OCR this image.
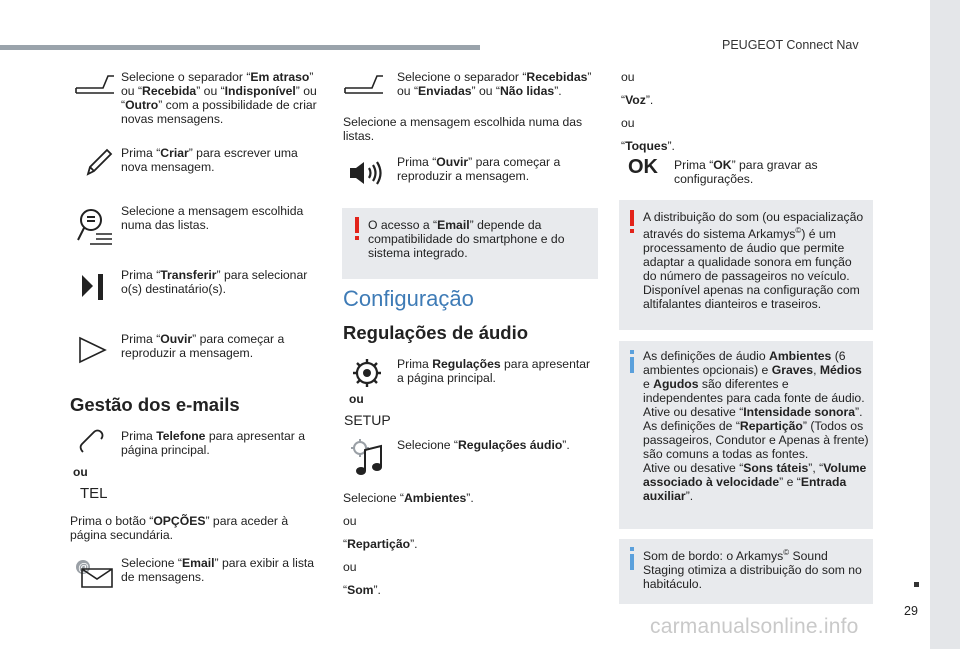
PEUGEOT Connect Nav
29
carmanualsonline.info
Selecione o separador “Em atraso” ou “Recebida” ou “Indisponível” ou “Outro” com a possibilidade de criar novas mensagens.
Prima “Criar” para escrever uma nova mensagem.
Selecione a mensagem escolhida numa das listas.
Prima “Transferir” para selecionar o(s) destinatário(s).
Prima “Ouvir” para começar a reproduzir a mensagem.
Gestão dos e-mails
ou
TEL
Prima Telefone para apresentar a página principal.
Prima o botão “OPÇÕES” para aceder à página secundária.
@	Selecione “Email” para exibir a lista de mensagens.
Selecione o separador “Recebidas” ou “Enviadas” ou “Não lidas”.
Selecione a mensagem escolhida numa das listas.
Prima “Ouvir” para começar a reproduzir a mensagem.
O acesso a “Email” depende da compatibilidade do smartphone e do sistema integrado.
Configuração
Regulações de áudio
ou
SETUP
Prima Regulações para apresentar a página principal.
Selecione “Regulações áudio”.
Selecione “Ambientes”.
ou
“Repartição”.
ou
“Som”.
ou
“Voz”.
ou
“Toques”.
OK Prima “OK” para gravar as configurações.
A distribuição do som (ou espacialização através do sistema Arkamys©) é um processamento de áudio que permite adaptar a qualidade sonora em função do número de passageiros no veículo. Disponível apenas na configuração com altifalantes dianteiros e traseiros.
As definições de áudio Ambientes (6 ambientes opcionais) e Graves, Médios e Agudos são diferentes e independentes para cada fonte de áudio.
Ative ou desative “Intensidade sonora”.
As definições de “Repartição” (Todos os passageiros, Condutor e Apenas à frente) são comuns a todas as fontes.
Ative ou desative “Sons táteis”, “Volume associado à velocidade” e “Entrada auxiliar”.
Som de bordo: o Arkamys© Sound Staging otimiza a distribuição do som no habitáculo.
